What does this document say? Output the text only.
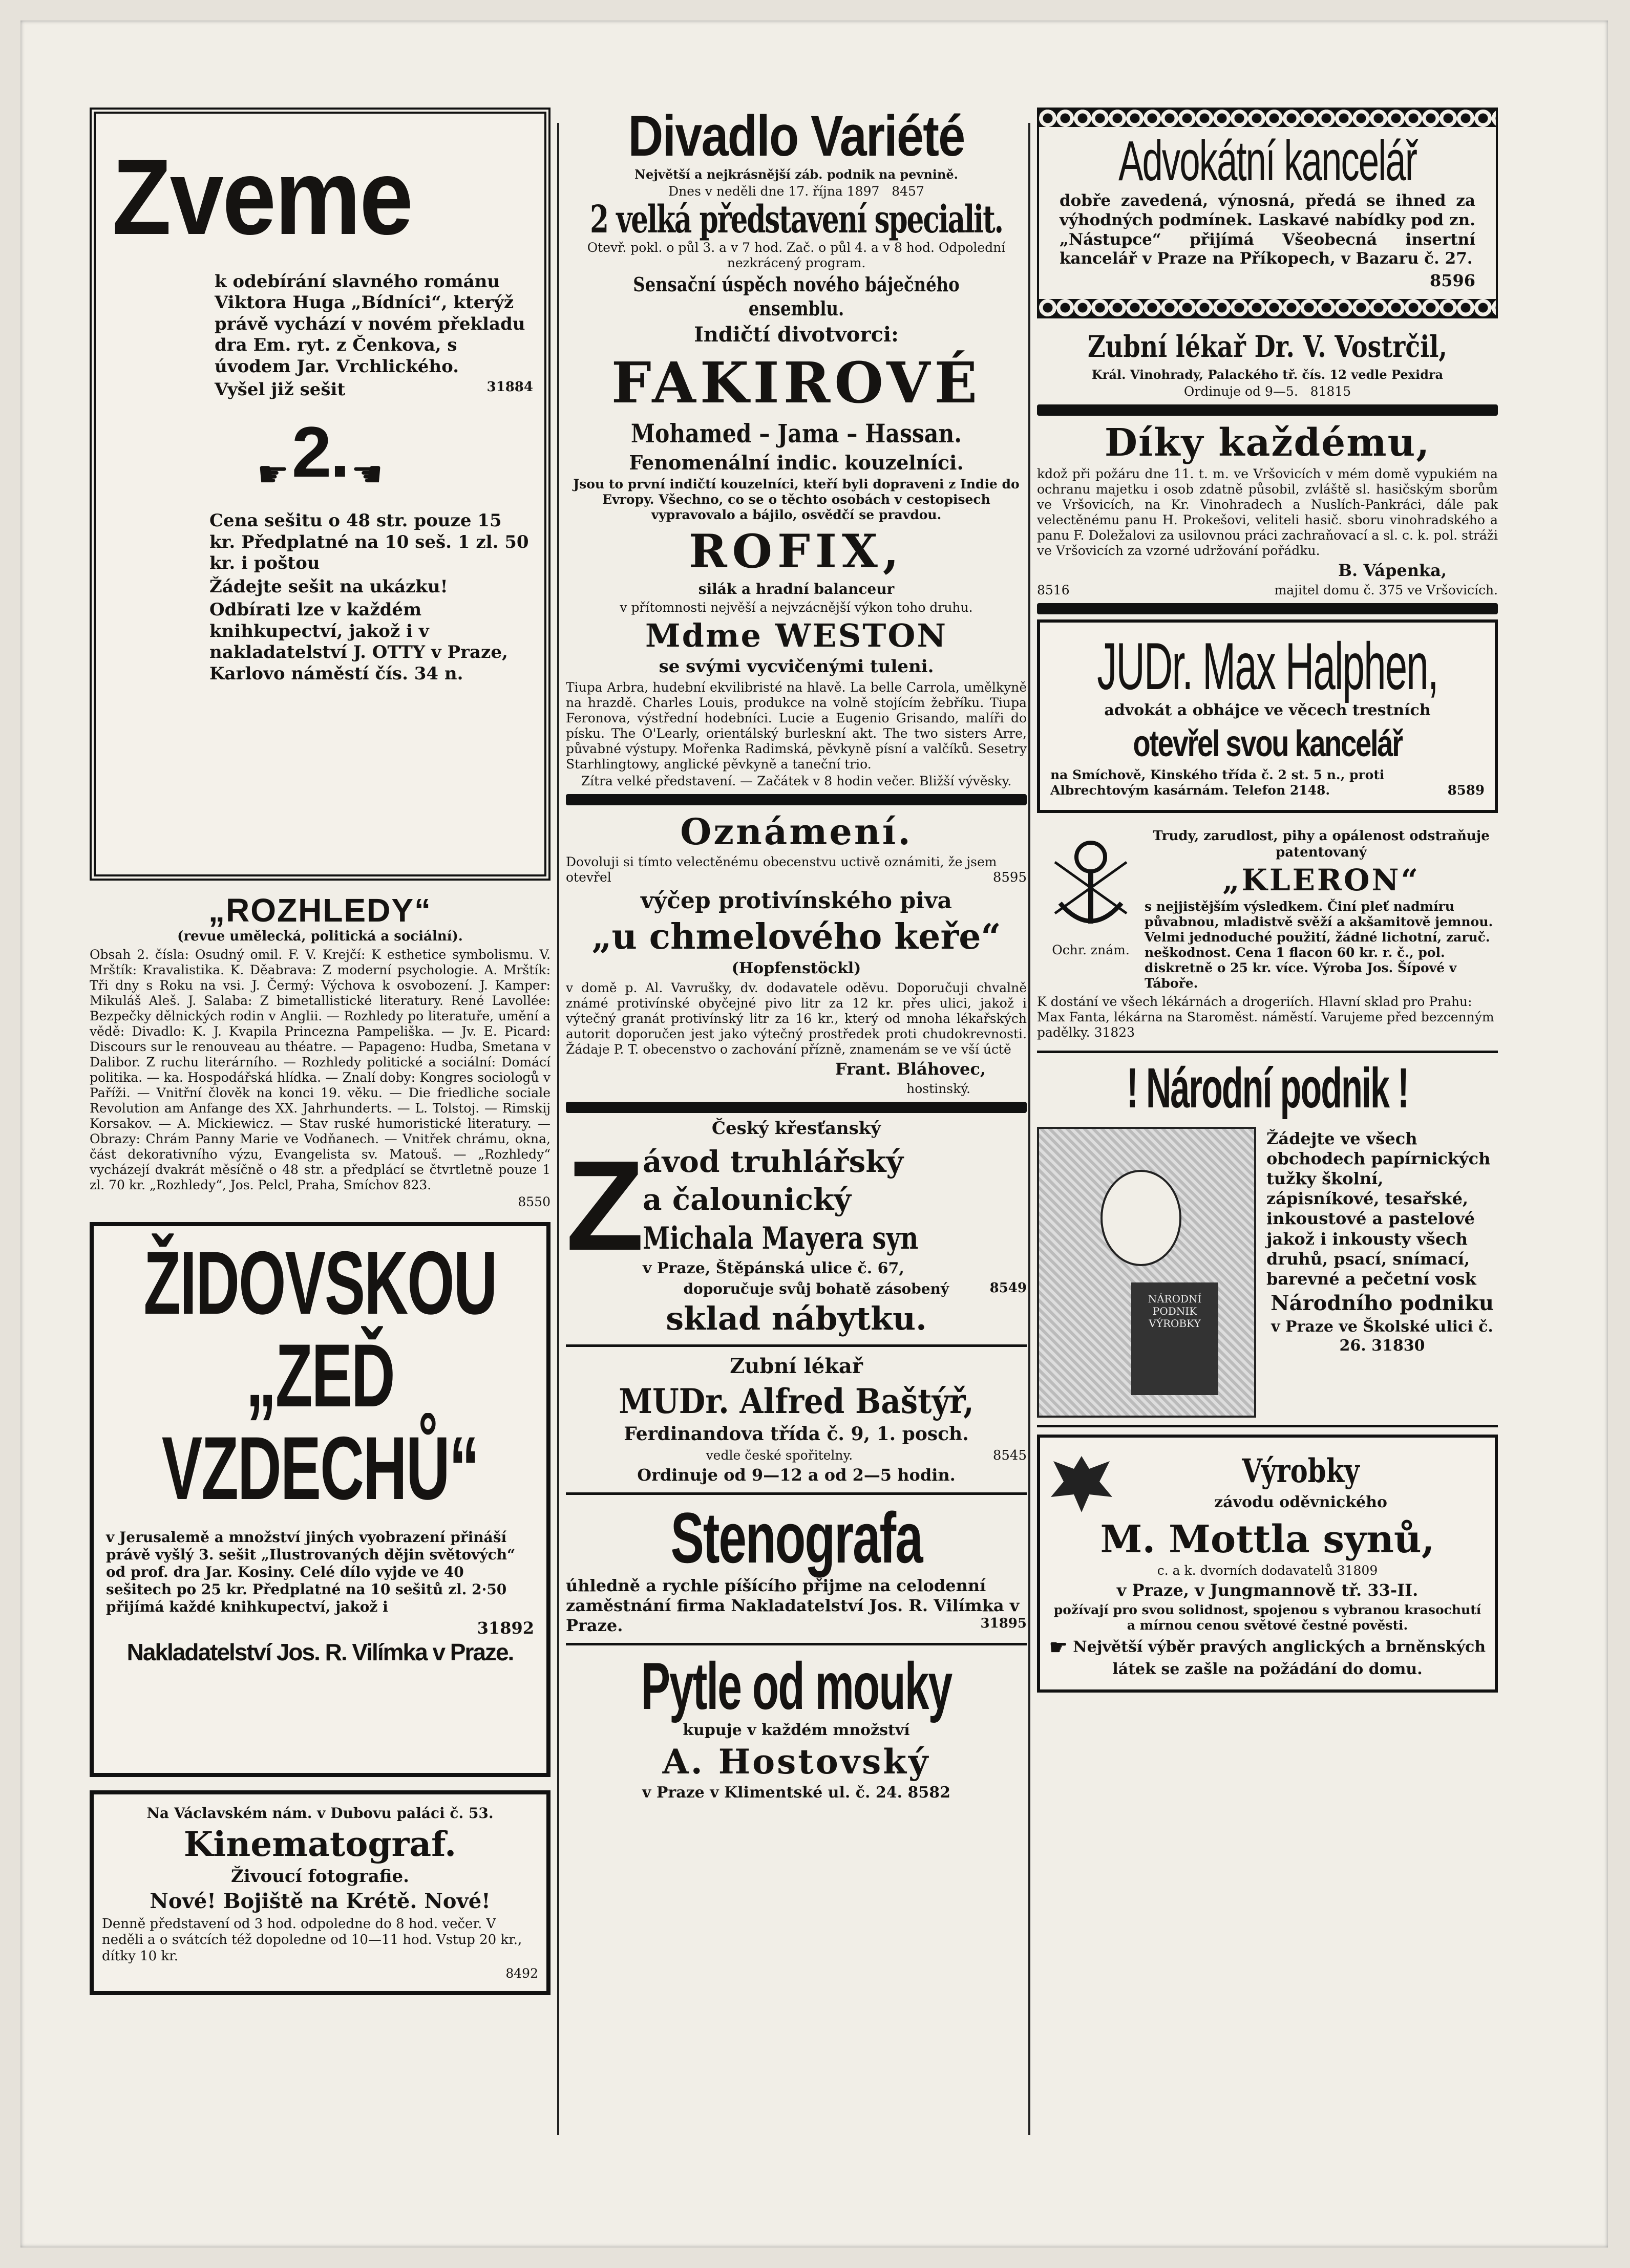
Zveme

k odebírání slavného románu Viktora Huga „Bídníci“, kterýž právě vychází v novém překladu dra Em. ryt. z Čenkova, s úvodem Jar. Vrchlického.

Vyšel již sešit	31884

☛ 2. ☚

Cena sešitu o 48 str. pouze 15 kr. Předplatné na 10 seš. 1 zl. 50 kr. i poštou

Žádejte sešit na ukázku!

Odbírati lze v každém knihkupectví, jakož i v nakladatelství J. OTTY v Praze, Karlovo náměstí čís. 34 n.

„ROZHLEDY“
(revue umělecká, politická a sociální).

Obsah 2. čísla: Osudný omil. F. V. Krejčí: K esthetice symbolismu. V. Mrštík: Kravalistika. K. Děabrava: Z moderní psychologie. A. Mrštík: Tři dny s Roku na vsi. J. Čermý: Výchova k osvobození. J. Kamper: Mikuláš Aleš. J. Salaba: Z bimetallistické literatury. René Lavollée: Bezpečky dělnických rodin v Anglii. — Rozhledy po literatuře, umění a vědě: Divadlo: K. J. Kvapila Princezna Pampeliška. — Jv. E. Picard: Discours sur le renouveau au théatre. — Papageno: Hudba, Smetana v Dalibor. Z ruchu literárního. — Rozhledy politické a sociální: Domácí politika. — ka. Hospodářská hlídka. — Znalí doby: Kongres sociologů v Paříži. — Vnitřní člověk na konci 19. věku. — Die friedliche sociale Revolution am Anfange des XX. Jahrhunderts. — L. Tolstoj. — Rimskij Korsakov. — A. Mickiewicz. — Stav ruské humoristické literatury. — Obrazy: Chrám Panny Marie ve Vodňanech. — Vnitřek chrámu, okna, část dekorativního výzu, Evangelista sv. Matouš. — „Rozhledy“ vycházejí dvakrát měsíčně o 48 str. a předplácí se čtvrtletně pouze 1 zl. 70 kr. „Rozhledy“, Jos. Pelcl, Praha, Smíchov 823.

8550
ŽIDOVSKOU
„ZEĎ
VZDECHŮ“

v Jerusalemě a množství jiných vyobrazení přináší právě vyšlý 3. sešit „Ilustrovaných dějin světových“ od prof. dra Jar. Kosiny. Celé dílo vyjde ve 40 sešitech po 25 kr. Předplatné na 10 sešitů zl. 2·50 přijímá každé knihkupectví, jakož i

31892
Nakladatelství Jos. R. Vilímka v Praze.
Na Václavském nám. v Dubovu paláci č. 53.
Kinematograf.
Živoucí fotografie.
Nové! Bojiště na Krétě. Nové!

Denně představení od 3 hod. odpoledne do 8 hod. večer. V neděli a o svátcích též dopoledne od 10—11 hod. Vstup 20 kr., dítky 10 kr.

8492
Divadlo Variété
Největší a nejkrásnější záb. podnik na pevnině.
Dnes v neděli dne 17. října 1897 8457
2 velká představení specialit.

Otevř. pokl. o půl 3. a v 7 hod. Zač. o půl 4. a v 8 hod. Odpolední nezkrácený program.

Sensační úspěch nového báječného ensemblu.
Indičtí divotvorci:
FAKIROVÉ
Mohamed – Jama – Hassan.
Fenomenální indic. kouzelníci.

Jsou to první indičtí kouzelníci, kteří byli dopraveni z Indie do Evropy. Všechno, co se o těchto osobách v cestopisech vypravovalo a bájilo, osvědčí se pravdou.

ROFIX,
silák a hradní balanceur
v přítomnosti nejvěší a nejvzácnější výkon toho druhu.
Mdme WESTON
se svými vycvičenými tuleni.

Tiupa Arbra, hudební ekvilibristé na hlavě. La belle Carrola, umělkyně na hrazdě. Charles Louis, produkce na volně stojícím žebříku. Tiupa Feronova, výstřední hodebníci. Lucie a Eugenio Grisando, malíři do písku. The O'Learly, orientálský burleskní akt. The two sisters Arre, půvabné výstupy. Mořenka Radimská, pěvkyně písní a valčíků. Sesetry Starhlingtowy, anglické pěvkyně a taneční trio.

Zítra velké představení. — Začátek v 8 hodin večer. Bližší vývěsky.

Oznámení.

Dovoluji si tímto velectěnému obecenstvu uctivě oznámiti, že jsem otevřel	8595

výčep protivínského piva
„u chmelového keře“
(Hopfenstöckl)

v domě p. Al. Vavrušky, dv. dodavatele oděvu. Doporučuji chvalně známé protivínské obyčejné pivo litr za 12 kr. přes ulici, jakož i výtečný granát protivínský litr za 16 kr., který od mnoha lékařských autorit doporučen jest jako výtečný prostředek proti chudokrevnosti. Žádaje P. T. obecenstvo o zachování přízně, znamenám se ve vší úctě

Frant. Bláhovec,
hostinský.
Český křesťanský
Z ávod truhlářský
a čalounický
Michala Mayera syn
v Praze, Štěpánská ulice č. 67,
doporučuje svůj bohatě zásobený	8549
sklad nábytku.
Zubní lékař
MUDr. Alfred Baštýř,
Ferdinandova třída č. 9, 1. posch.
vedle české spořitelny.	8545
Ordinuje od 9—12 a od 2—5 hodin.
Stenografa

úhledně a rychle píšícího přijme na celodenní zaměstnání firma Nakladatelství Jos. R. Vilímka v Praze.	31895

Pytle od mouky
kupuje v každém množství
A. Hostovský
v Praze v Klimentské ul. č. 24. 8582
Advokátní kancelář

dobře zavedená, výnosná, předá se ihned za výhodných podmínek. Laskavé nabídky pod zn. „Nástupce“ přijímá Všeobecná insertní kancelář v Praze na Příkopech, v Bazaru č. 27.

8596
Zubní lékař Dr. V. Vostrčil,
Král. Vinohrady, Palackého tř. čís. 12 vedle Pexidra
Ordinuje od 9—5. 81815
Díky každému,

kdož při požáru dne 11. t. m. ve Vršovicích v mém domě vypukiém na ochranu majetku i osob zdatně působil, zvláště sl. hasičským sborům ve Vršovicích, na Kr. Vinohradech a Nuslích-Pankráci, dále pak velectěnému panu H. Prokešovi, veliteli hasič. sboru vinohradského a panu F. Doležalovi za usilovnou práci zachraňovací a sl. c. k. pol. stráži ve Vršovicích za vzorné udržování pořádku.

B. Vápenka,
8516	majitel domu č. 375 ve Vršovicích.
JUDr. Max Halphen,
advokát a obhájce ve věcech trestních
otevřel svou kancelář

na Smíchově, Kinského třída č. 2 st. 5 n., proti Albrechtovým kasárnám. Telefon 2148.	8589

Ochr. znám.
Trudy, zarudlost, pihy a opálenost odstraňuje patentovaný
„KLERON“

s nejjistějším výsledkem. Činí pleť nadmíru půvabnou, mladistvě svěží a akšamitově jemnou. Velmi jednoduché použití, žádné lichotní, zaruč. neškodnost. Cena 1 flacon 60 kr. r. č., pol. diskretně o 25 kr. více. Výroba Jos. Šípové v Táboře.

K dostání ve všech lékárnách a drogeriích. Hlavní sklad pro Prahu: Max Fanta, lékárna na Staroměst. náměstí. Varujeme před bezcenným padělky. 31823

! Národní podnik !
NÁRODNÍ PODNIK
VÝROBKY

Žádejte ve všech obchodech papírnických tužky školní, zápisníkové, tesařské, inkoustové a pastelové jakož i inkousty všech druhů, psací, snímací, barevné a pečetní vosk

Národního podniku

v Praze ve Školské ulici č. 26. 31830

Výrobky
závodu oděvnického
M. Mottla synů,
c. a k. dvorních dodavatelů 31809
v Praze, v Jungmannově tř. 33-II.

požívají pro svou solidnost, spojenou s vybranou krasochutí a mírnou cenou světové čestné pověsti.

☛ Největší výběr pravých anglických a brněnských látek se zašle na požádání do domu.
